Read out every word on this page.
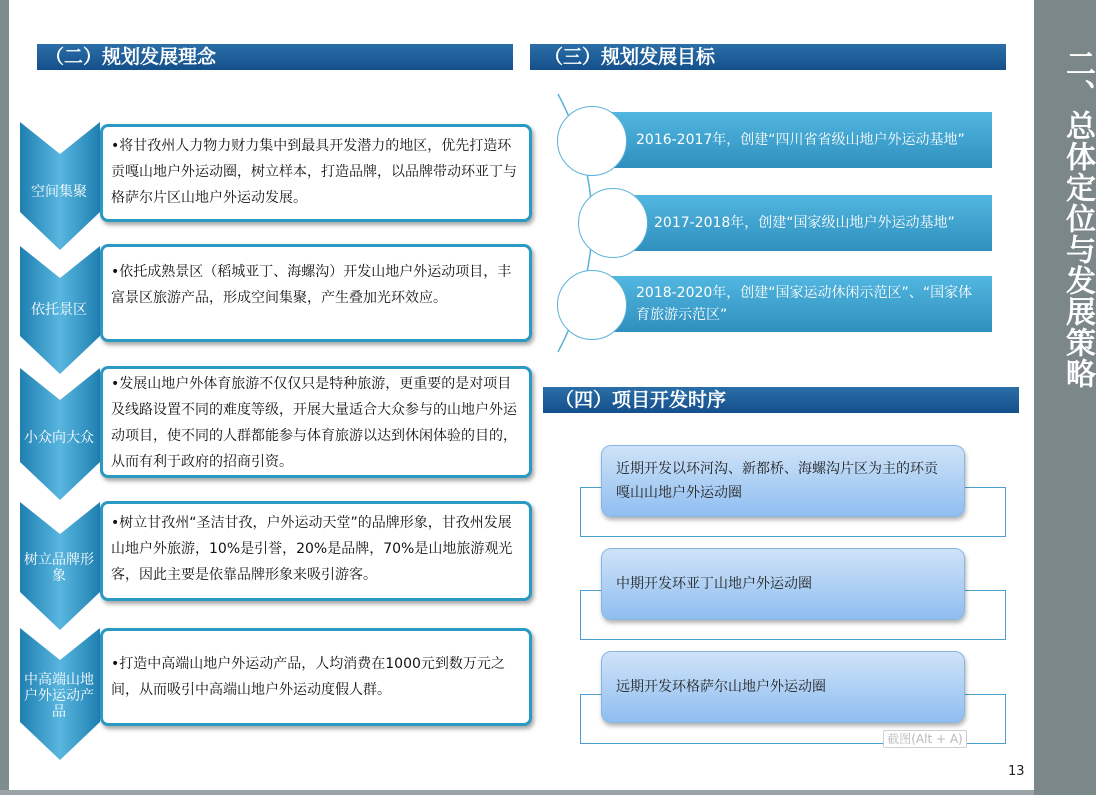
二、总体定位与发展策略
（二）规划发展理念
空间集聚
•将甘孜州人力物力财力集中到最具开发潜力的地区，优先打造环贡嘎山地户外运动圈，树立样本，打造品牌，以品牌带动环亚丁与格萨尔片区山地户外运动发展。
依托景区
•依托成熟景区（稻城亚丁、海螺沟）开发山地户外运动项目，丰富景区旅游产品，形成空间集聚，产生叠加光环效应。
小众向大众
•发展山地户外体育旅游不仅仅只是特种旅游，更重要的是对项目及线路设置不同的难度等级，开展大量适合大众参与的山地户外运动项目，使不同的人群都能参与体育旅游以达到休闲体验的目的，从而有利于政府的招商引资。
树立品牌形象
•树立甘孜州“圣洁甘孜，户外运动天堂”的品牌形象，甘孜州发展山地户外旅游，10%是引誉，20%是品牌，70%是山地旅游观光客，因此主要是依靠品牌形象来吸引游客。
中高端山地户外运动产品
•打造中高端山地户外运动产品，人均消费在1000元到数万元之间，从而吸引中高端山地户外运动度假人群。
（三）规划发展目标
2016-2017年，创建“四川省省级山地户外运动基地”
2017-2018年，创建“国家级山地户外运动基地”
2018-2020年，创建“国家运动休闲示范区”、“国家体育旅游示范区”
（四）项目开发时序
近期开发以环河沟、新都桥、海螺沟片区为主的环贡嘎山山地户外运动圈
中期开发环亚丁山地户外运动圈
远期开发环格萨尔山地户外运动圈
截图(Alt + A)
13
